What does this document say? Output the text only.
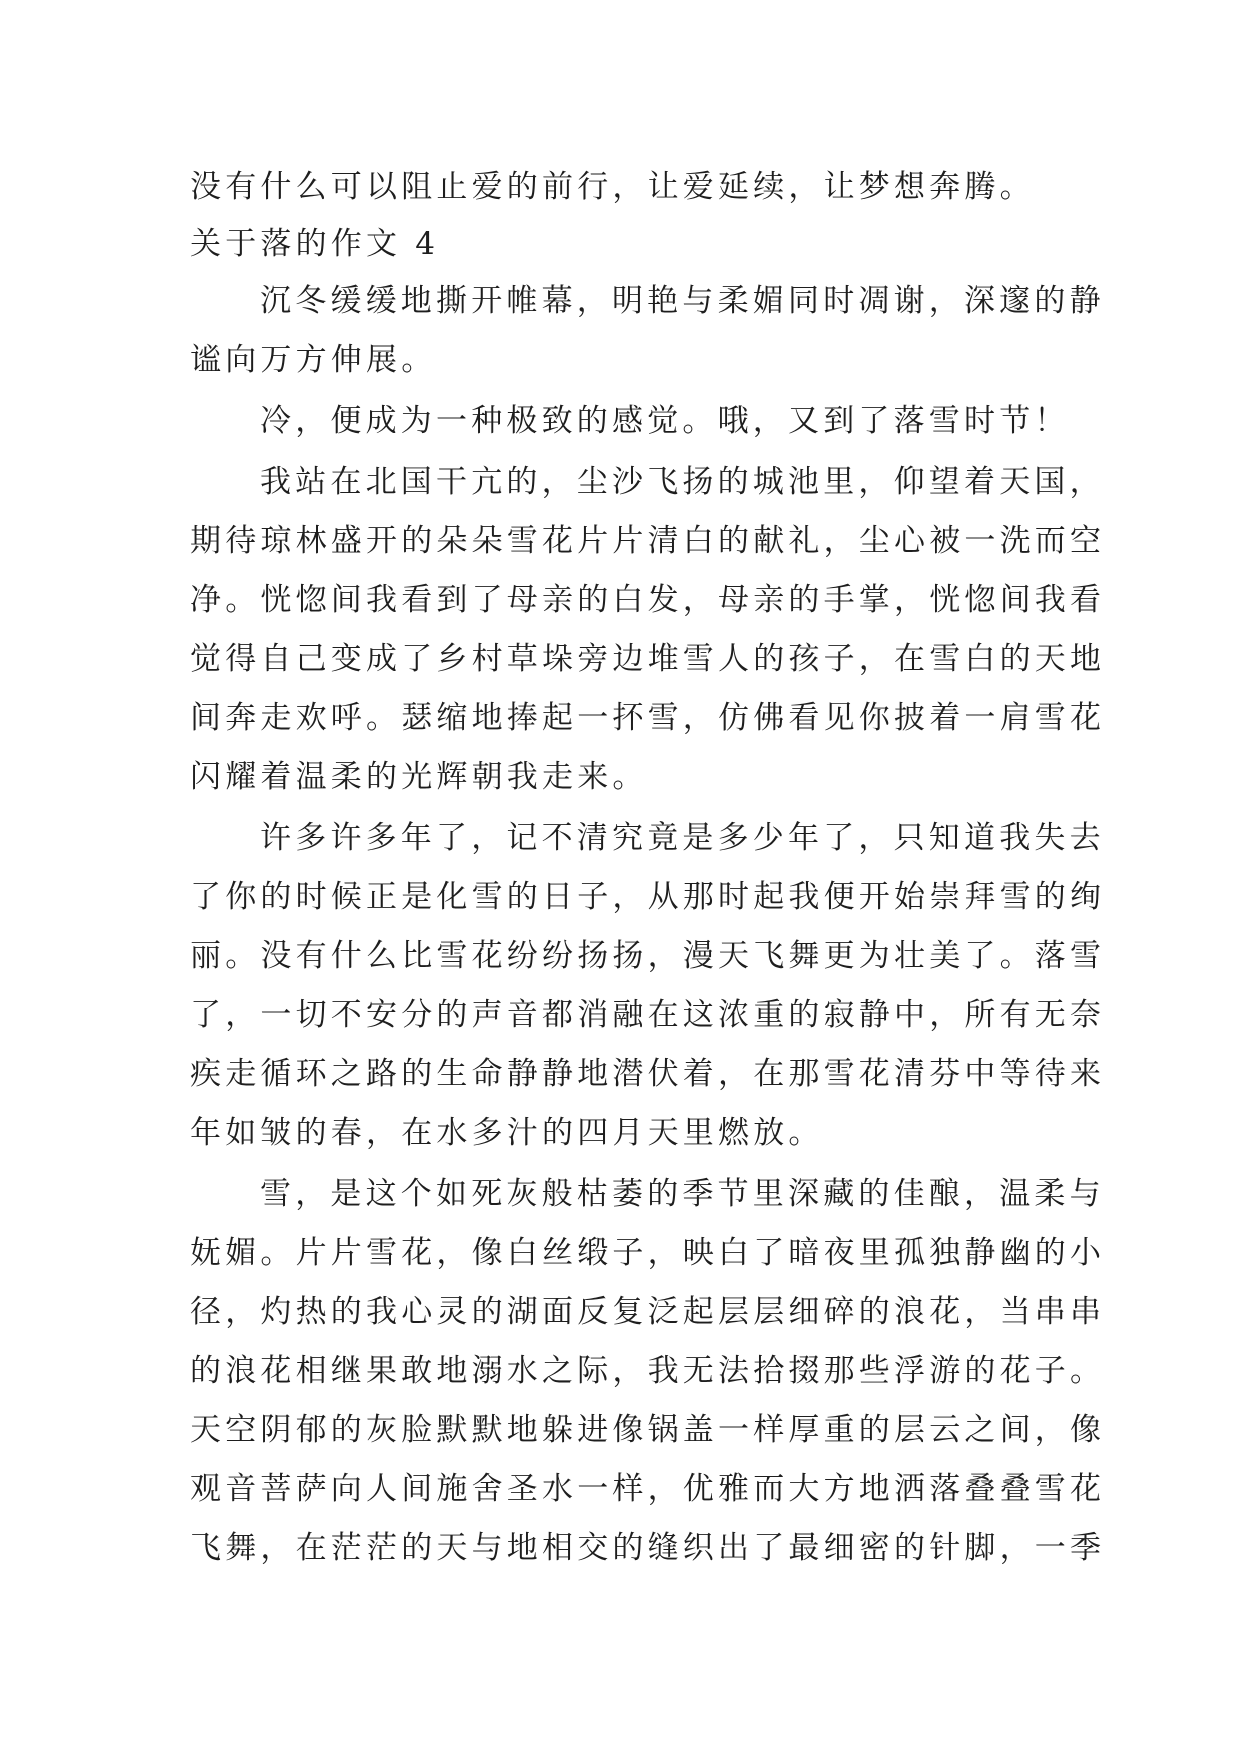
没有什么可以阻止爱的前行，让爱延续，让梦想奔腾。
关于落的作文 4
沉冬缓缓地撕开帷幕，明艳与柔媚同时凋谢，深邃的静
谧向万方伸展。
冷，便成为一种极致的感觉。哦，又到了落雪时节！
我站在北国干亢的，尘沙飞扬的城池里，仰望着天国，
期待琼林盛开的朵朵雪花片片清白的献礼，尘心被一洗而空
净。恍惚间我看到了母亲的白发，母亲的手掌，恍惚间我看
觉得自己变成了乡村草垛旁边堆雪人的孩子，在雪白的天地
间奔走欢呼。瑟缩地捧起一抔雪，仿佛看见你披着一肩雪花
闪耀着温柔的光辉朝我走来。
许多许多年了，记不清究竟是多少年了，只知道我失去
了你的时候正是化雪的日子，从那时起我便开始崇拜雪的绚
丽。没有什么比雪花纷纷扬扬，漫天飞舞更为壮美了。落雪
了，一切不安分的声音都消融在这浓重的寂静中，所有无奈
疾走循环之路的生命静静地潜伏着，在那雪花清芬中等待来
年如皱的春，在水多汁的四月天里燃放。
雪，是这个如死灰般枯萎的季节里深藏的佳酿，温柔与
妩媚。片片雪花，像白丝缎子，映白了暗夜里孤独静幽的小
径，灼热的我心灵的湖面反复泛起层层细碎的浪花，当串串
的浪花相继果敢地溺水之际，我无法拾掇那些浮游的花子。
天空阴郁的灰脸默默地躲进像锅盖一样厚重的层云之间，像
观音菩萨向人间施舍圣水一样，优雅而大方地洒落叠叠雪花
飞舞，在茫茫的天与地相交的缝织出了最细密的针脚，一季
